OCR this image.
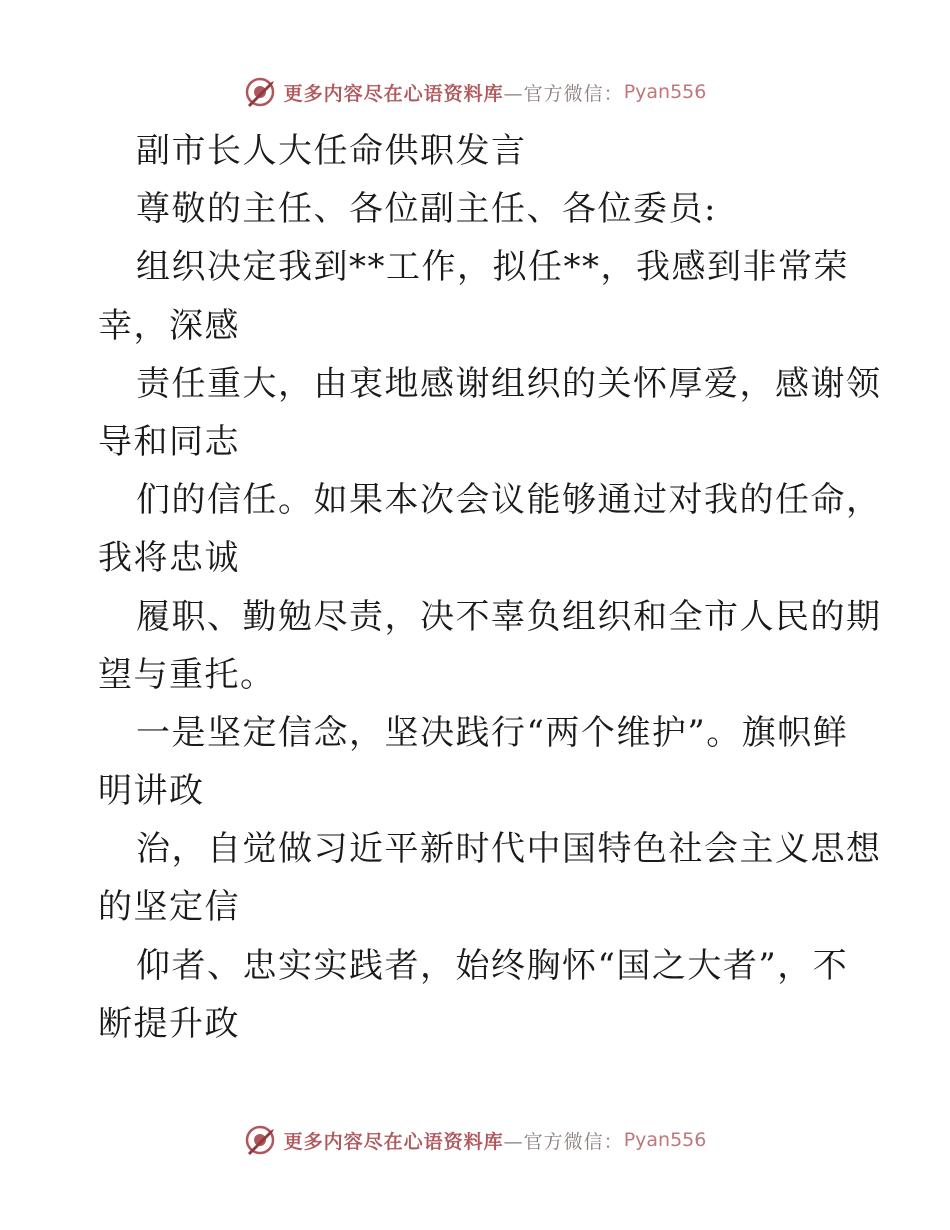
更多内容尽在心语资料库 —官方微信： Pyan556
副市长人大任命供职发言
尊敬的主任、各位副主任、各位委员:
组织决定我到**工作，拟任**，我感到非常荣
幸，深感
责任重大，由衷地感谢组织的关怀厚爱，感谢领
导和同志
们的信任。如果本次会议能够通过对我的任命，
我将忠诚
履职、勤勉尽责，决不辜负组织和全市人民的期
望与重托。
一是坚定信念，坚决践行“两个维护”。旗帜鲜
明讲政
治，自觉做习近平新时代中国特色社会主义思想
的坚定信
仰者、忠实实践者，始终胸怀“国之大者”，不
断提升政
更多内容尽在心语资料库 —官方微信： Pyan556
